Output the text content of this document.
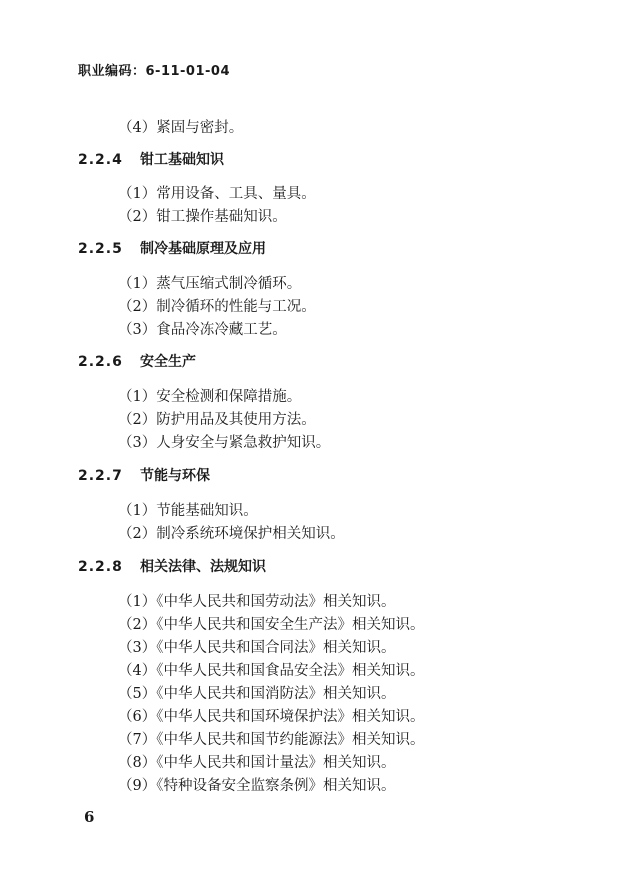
职业编码：6-11-01-04
（4）紧固与密封。
2.2.4 钳工基础知识
（1）常用设备、工具、量具。
（2）钳工操作基础知识。
2.2.5 制冷基础原理及应用
（1）蒸气压缩式制冷循环。
（2）制冷循环的性能与工况。
（3）食品冷冻冷藏工艺。
2.2.6 安全生产
（1）安全检测和保障措施。
（2）防护用品及其使用方法。
（3）人身安全与紧急救护知识。
2.2.7 节能与环保
（1）节能基础知识。
（2）制冷系统环境保护相关知识。
2.2.8 相关法律、法规知识
（1）《中华人民共和国劳动法》相关知识。
（2）《中华人民共和国安全生产法》相关知识。
（3）《中华人民共和国合同法》相关知识。
（4）《中华人民共和国食品安全法》相关知识。
（5）《中华人民共和国消防法》相关知识。
（6）《中华人民共和国环境保护法》相关知识。
（7）《中华人民共和国节约能源法》相关知识。
（8）《中华人民共和国计量法》相关知识。
（9）《特种设备安全监察条例》相关知识。
6
